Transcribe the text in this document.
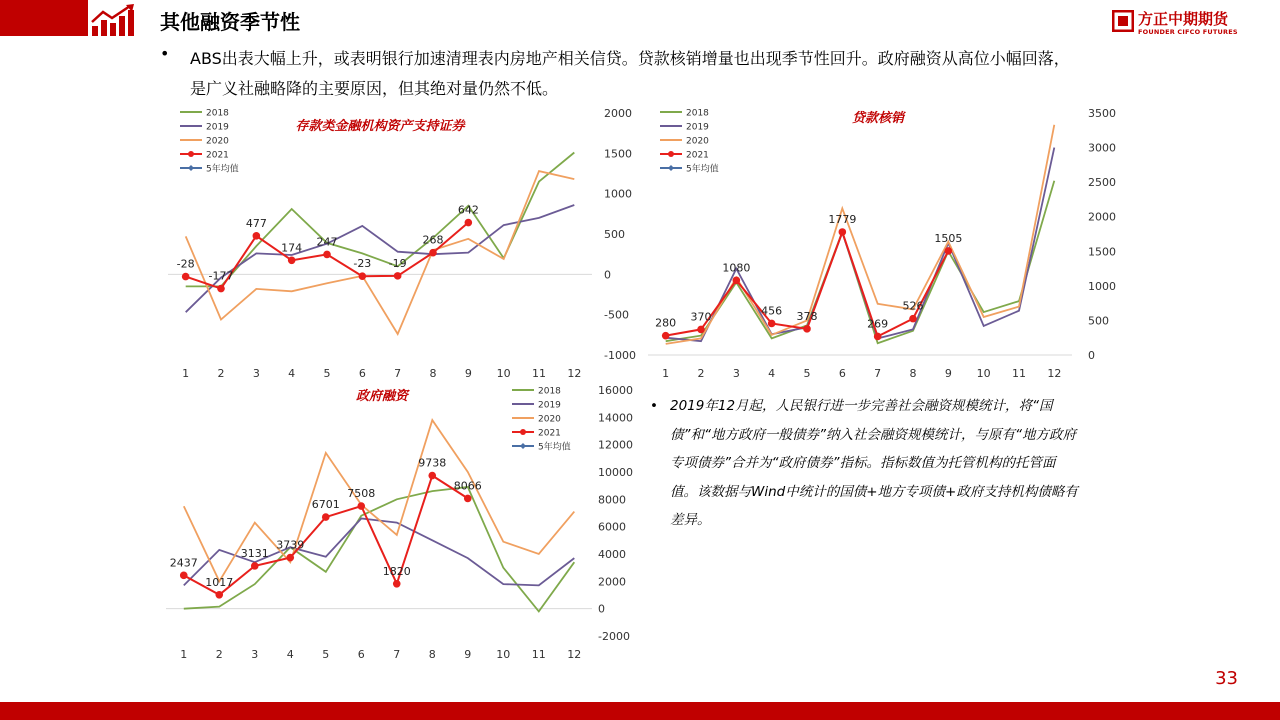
其他融资季节性	方正中期期货
FOUNDER CIFCO FUTURES
• ABS出表大幅上升，或表明银行加速清理表内房地产相关信贷。贷款核销增量也出现季节性回升。政府融资从高位小幅回落，是广义社融略降的主要原因，但其绝对量仍然不低。
-1000
-500
0
500
1000
1500
2000
1	2	3	4	5	6	7	8	9 10 11 12
-28
-177
477
174 247
-23 -19
268
642
存款类金融机构资产支持证券
2018
2019
2020
2021
5年均值
0
500
1000
1500
2000
2500
3000
3500
1	2	3	4	5	6	7	8	9 10 11 12
280 370
1080
456 378
1779
269
526
1505
贷款核销
2018
2019
2020
2021
5年均值
-2000
0
2000
4000
6000
8000
10000
12000
14000
16000
1	2	3	4	5	6	7	8	9 10 11 12
2437
1017
3131
3739
6701
7508
1820
9738
8066
政府融资	2018
2019
2020
2021
5年均值
• 2019年12月起，人民银行进一步完善社会融资规模统计，将“国债”和“地方政府一般债券”纳入社会融资规模统计，与原有“地方政府专项债券”合并为“政府债券”指标。指标数值为托管机构的托管面值。该数据与Wind中统计的国债+地方专项债+政府支持机构债略有差异。
33
